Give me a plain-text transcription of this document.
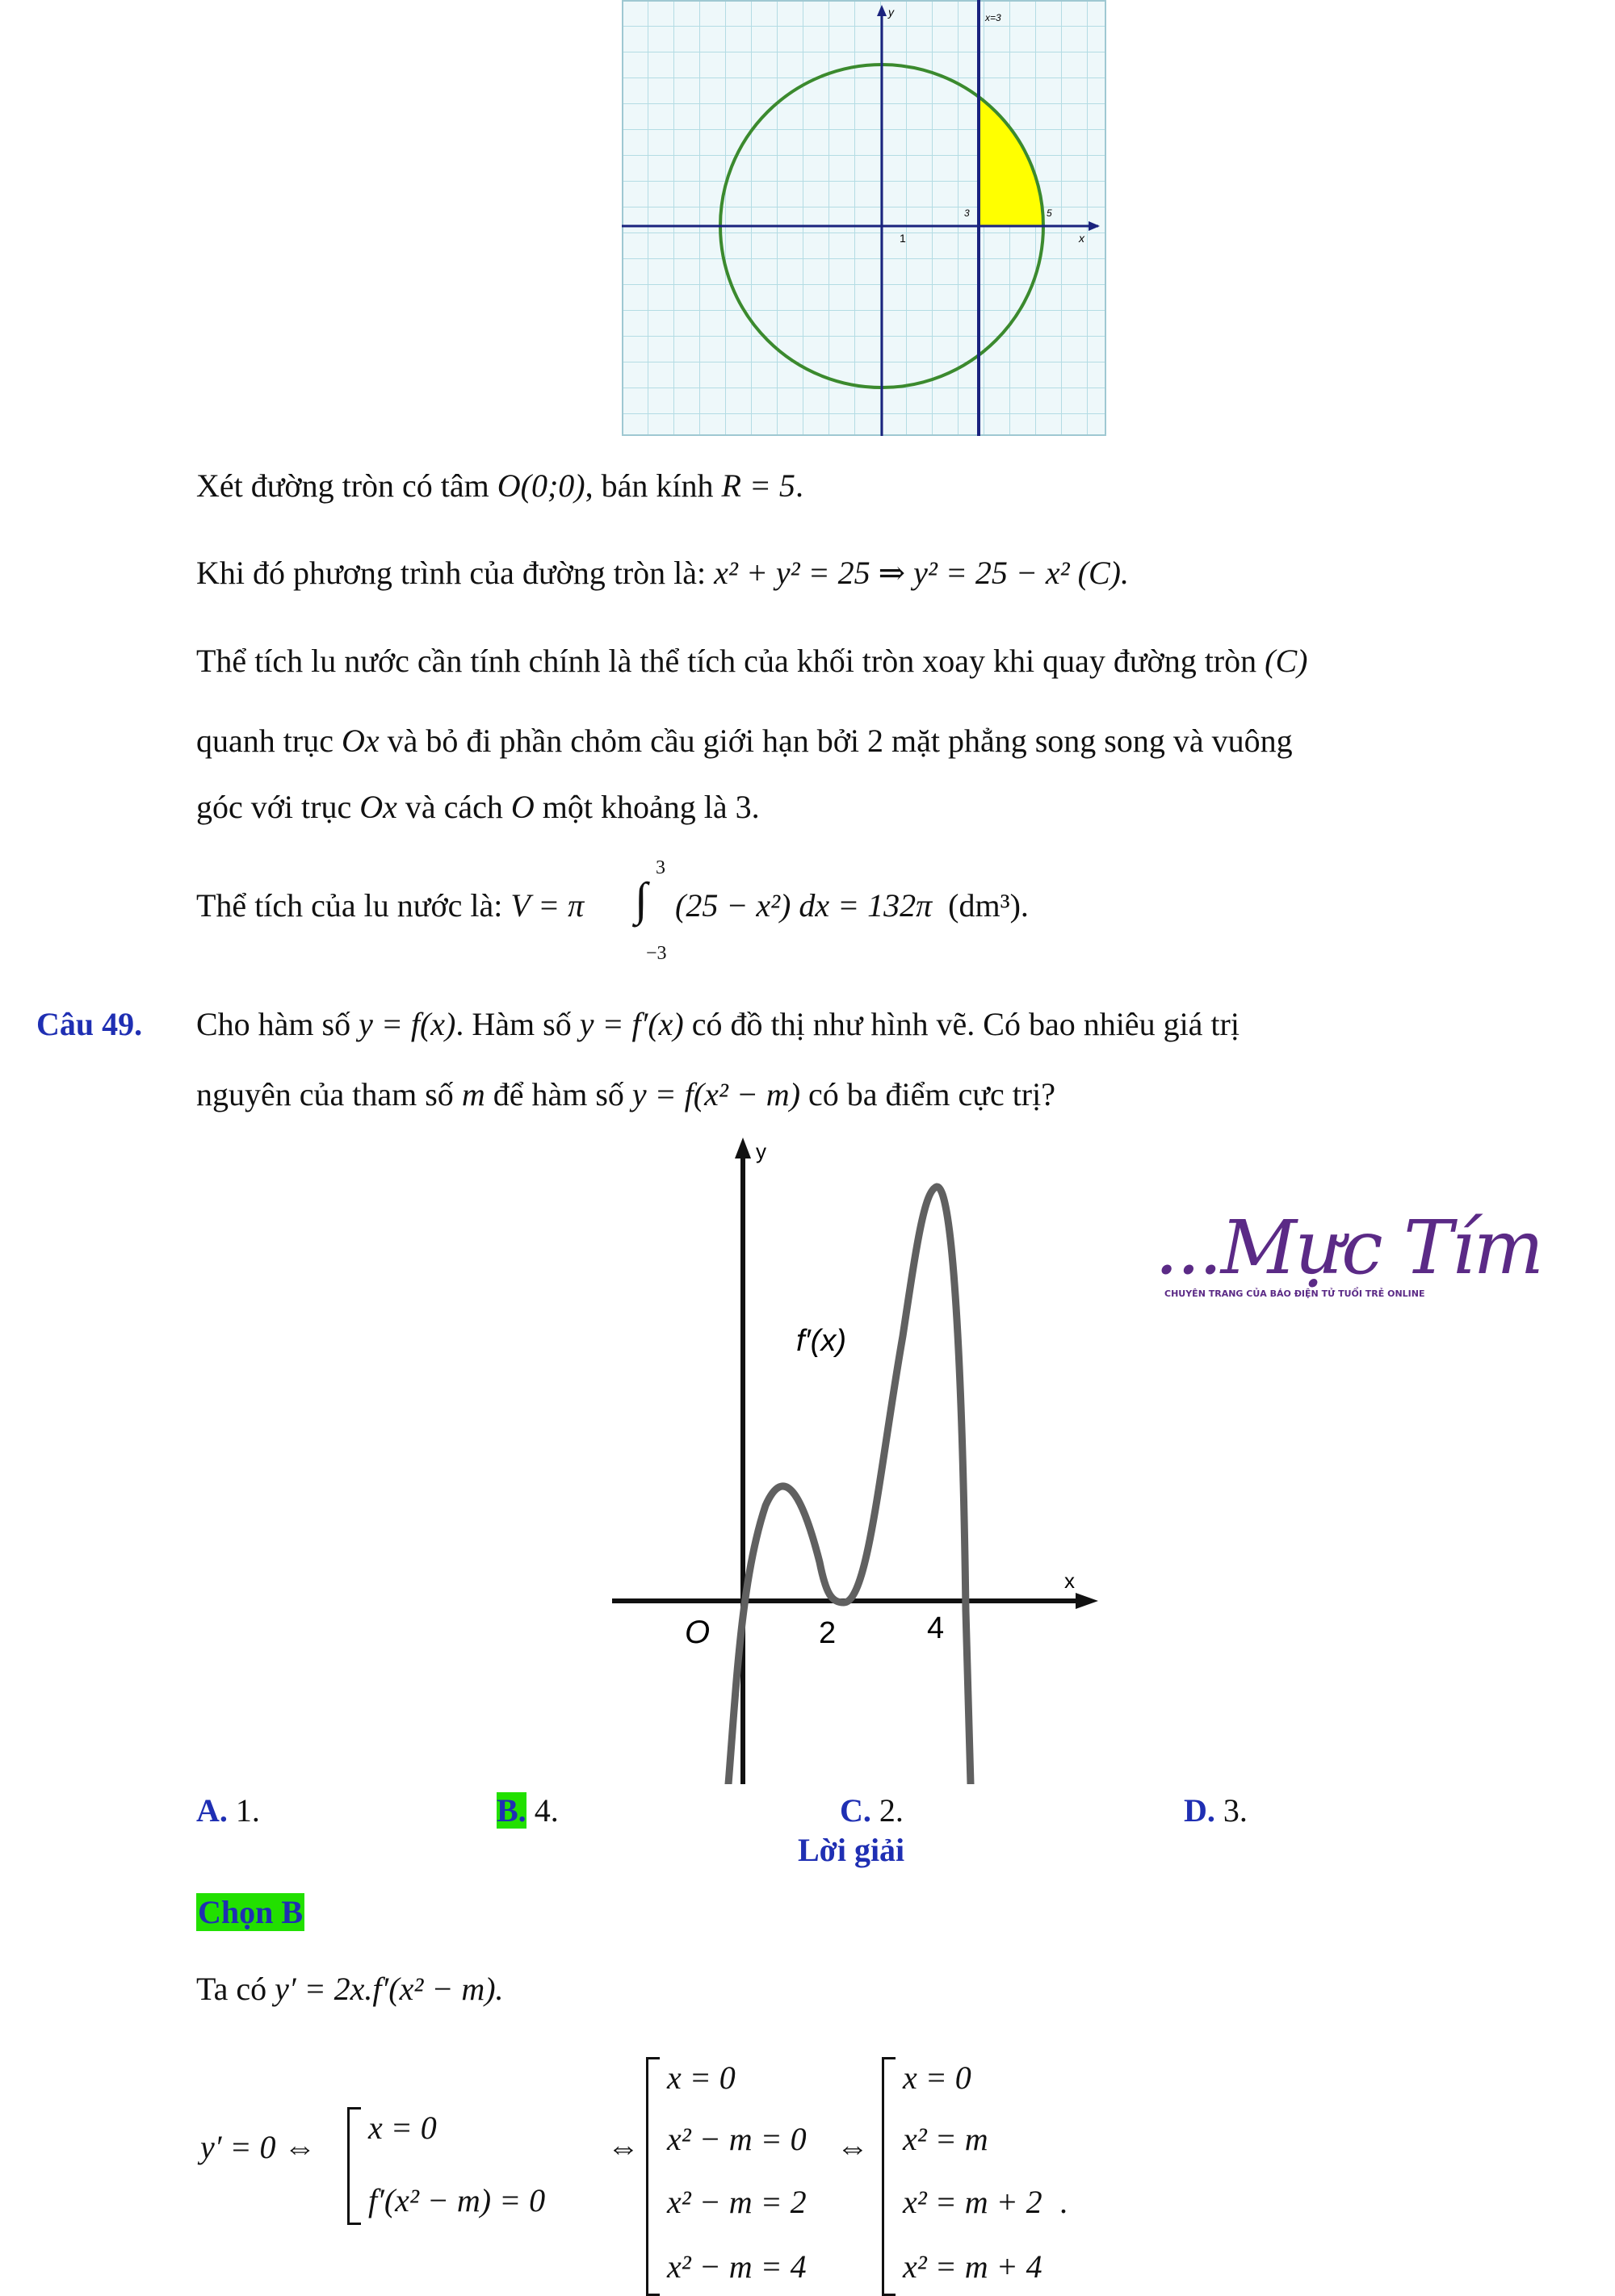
y	x=3
x
1
3	5
Xét đường tròn có tâm O(0;0), bán kính R = 5.
Khi đó phương trình của đường tròn là: x² + y² = 25 ⇒ y² = 25 − x² (C).
Thể tích lu nước cần tính chính là thể tích của khối tròn xoay khi quay đường tròn (C)
quanh trục Ox và bỏ đi phần chỏm cầu giới hạn bởi 2 mặt phẳng song song và vuông
góc với trục Ox và cách O một khoảng là 3.
Thể tích của lu nước là: V = π ∫
3
−3
(25 − x²) dx = 132π (dm³).
Câu 49. Cho hàm số y = f(x). Hàm số y = f′(x) có đồ thị như hình vẽ. Có bao nhiêu giá trị
nguyên của tham số m để hàm số y = f(x² − m) có ba điểm cực trị?
y
x
O	2	4
f′(x)
...Mực Tím
CHUYÊN TRANG CỦA BÁO ĐIỆN TỬ TUỔI TRẺ ONLINE
A. 1.	B. 4.	C. 2.	D. 3.
Lời giải
Chọn B
Ta có y′ = 2x.f′(x² − m).
y′ = 0 ⇔
x = 0
f′(x² − m) = 0
⇔
x = 0
x² − m = 0
x² − m = 2
x² − m = 4
⇔
x = 0
x² = m
x² = m + 2
x² = m + 4
.
